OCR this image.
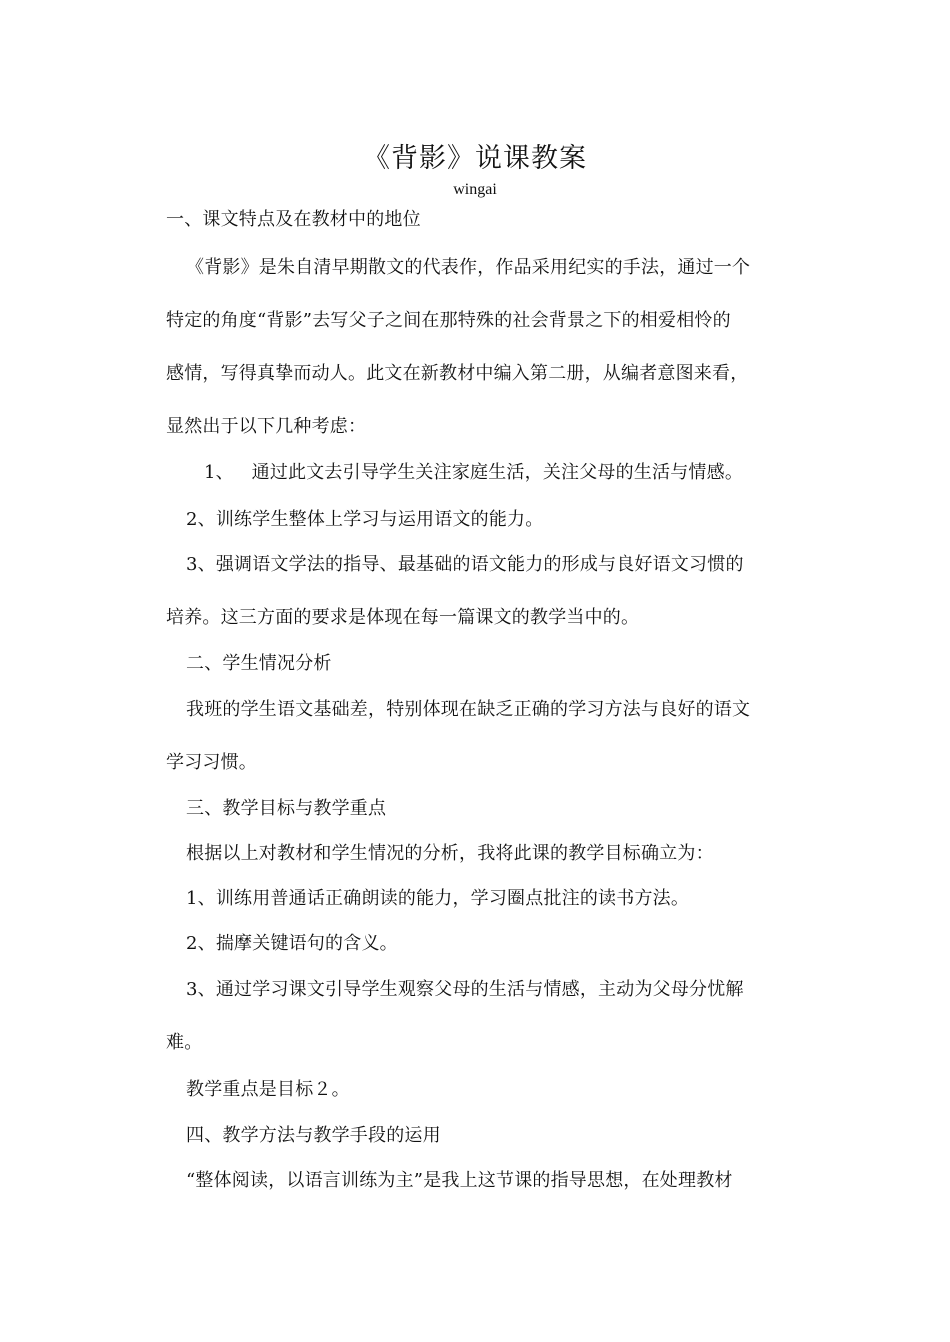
《背影》说课教案
wingai
一、课文特点及在教材中的地位
《背影》是朱自清早期散文的代表作，作品采用纪实的手法，通过一个
特定的角度“背影”去写父子之间在那特殊的社会背景之下的相爱相怜的
感情，写得真挚而动人。此文在新教材中编入第二册，从编者意图来看，
显然出于以下几种考虑：
1、   通过此文去引导学生关注家庭生活，关注父母的生活与情感。
2、训练学生整体上学习与运用语文的能力。
3、强调语文学法的指导、最基础的语文能力的形成与良好语文习惯的
培养。这三方面的要求是体现在每一篇课文的教学当中的。
二、学生情况分析
我班的学生语文基础差，特别体现在缺乏正确的学习方法与良好的语文
学习习惯。
三、教学目标与教学重点
根据以上对教材和学生情况的分析，我将此课的教学目标确立为：
1、训练用普通话正确朗读的能力，学习圈点批注的读书方法。
2、揣摩关键语句的含义。
3、通过学习课文引导学生观察父母的生活与情感，主动为父母分忧解
难。
教学重点是目标２。
四、教学方法与教学手段的运用
“整体阅读，以语言训练为主”是我上这节课的指导思想，在处理教材
